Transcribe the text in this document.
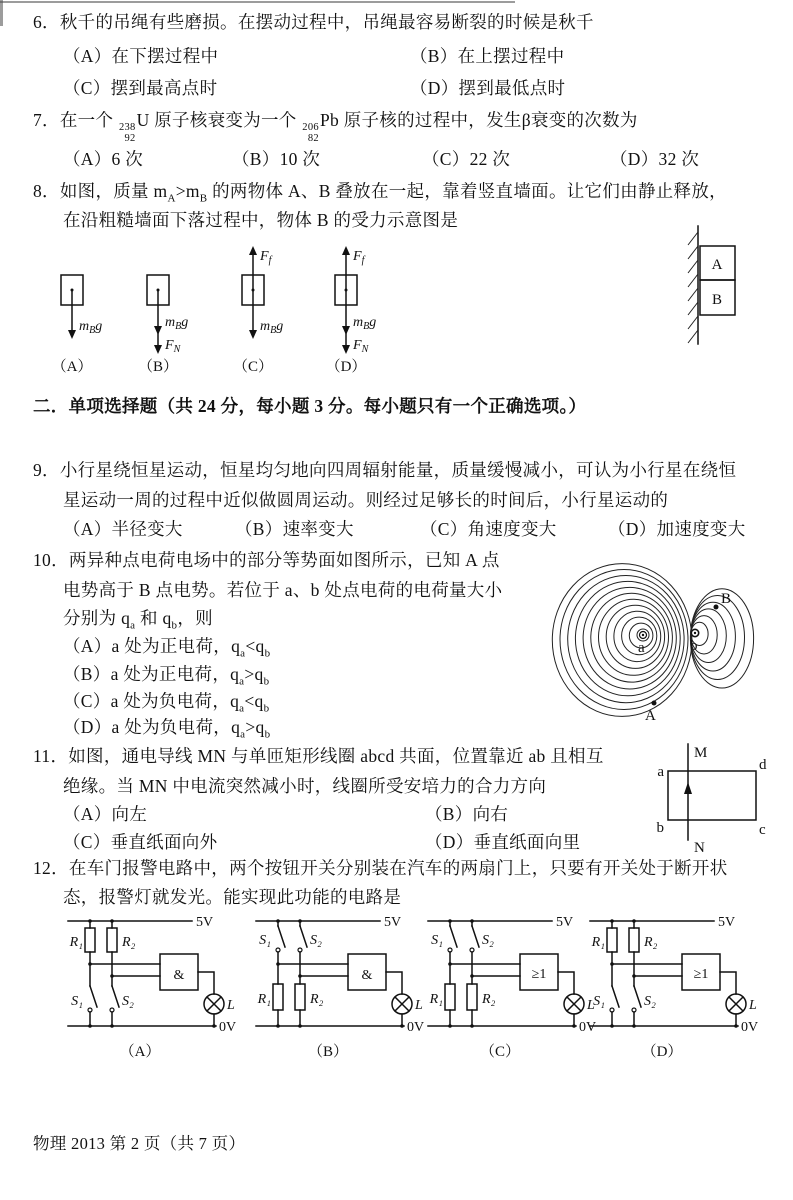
6．秋千的吊绳有些磨损。在摆动过程中，吊绳最容易断裂的时候是秋千
（A）在下摆过程中	（B）在上摆过程中
（C）摆到最高点时	（D）摆到最低点时
7．在一个 238
92
U 原子核衰变为一个 206
82
Pb 原子核的过程中，发生β衰变的次数为
（A）6 次	（B）10 次	（C）22 次	（D）32 次
8．如图，质量 $m_A>m_B$ 的两物体 A、B 叠放在一起，靠着竖直墙面。让它们由静止释放，
在沿粗糙墙面下落过程中，物体 B 的受力示意图是
$m_Bg$
（A）
$m_Bg$
$F_N$
（B）
$F_f$
$m_Bg$
（C）
$F_f$
$m_Bg$
$F_N$
（D）
A
B
二．单项选择题（共 24 分，每小题 3 分。每小题只有一个正确选项。）
9．小行星绕恒星运动，恒星均匀地向四周辐射能量，质量缓慢减小，可认为小行星在绕恒
星运动一周的过程中近似做圆周运动。则经过足够长的时间后，小行星运动的
（A）半径变大	（B）速率变大	（C）角速度变大	（D）加速度变大
10．两异种点电荷电场中的部分等势面如图所示，已知 A 点
电势高于 B 点电势。若位于 a、b 处点电荷的电荷量大小
分别为 $q_a$ 和 $q_b$，则
（A）a 处为正电荷，$q_a<q_b$
（B）a 处为正电荷，$q_a>q_b$
（C）a 处为负电荷，$q_a<q_b$
（D）a 处为负电荷，$q_a>q_b$
a	b
B
A
11．如图，通电导线 MN 与单匝矩形线圈 abcd 共面，位置靠近 ab 且相互
绝缘。当 MN 中电流突然减小时，线圈所受安培力的合力方向
（A）向左	（B）向右
（C）垂直纸面向外	（D）垂直纸面向里
M
N
a
b
d
c
12．在车门报警电路中，两个按钮开关分别装在汽车的两扇门上，只要有开关处于断开状
态，报警灯就发光。能实现此功能的电路是
&
R₁	R₂
S₁	S₂
5V
0V
L
（A）
&
S₁	S₂
R₁	R₂
5V
0V
L
（B）
≥1
S₁	S₂
R₁	R₂
5V
0V
L
（C）
≥1
R₁	R₂
S₁	S₂
5V
0V
L
（D）
物理 2013 第 2 页（共 7 页）
